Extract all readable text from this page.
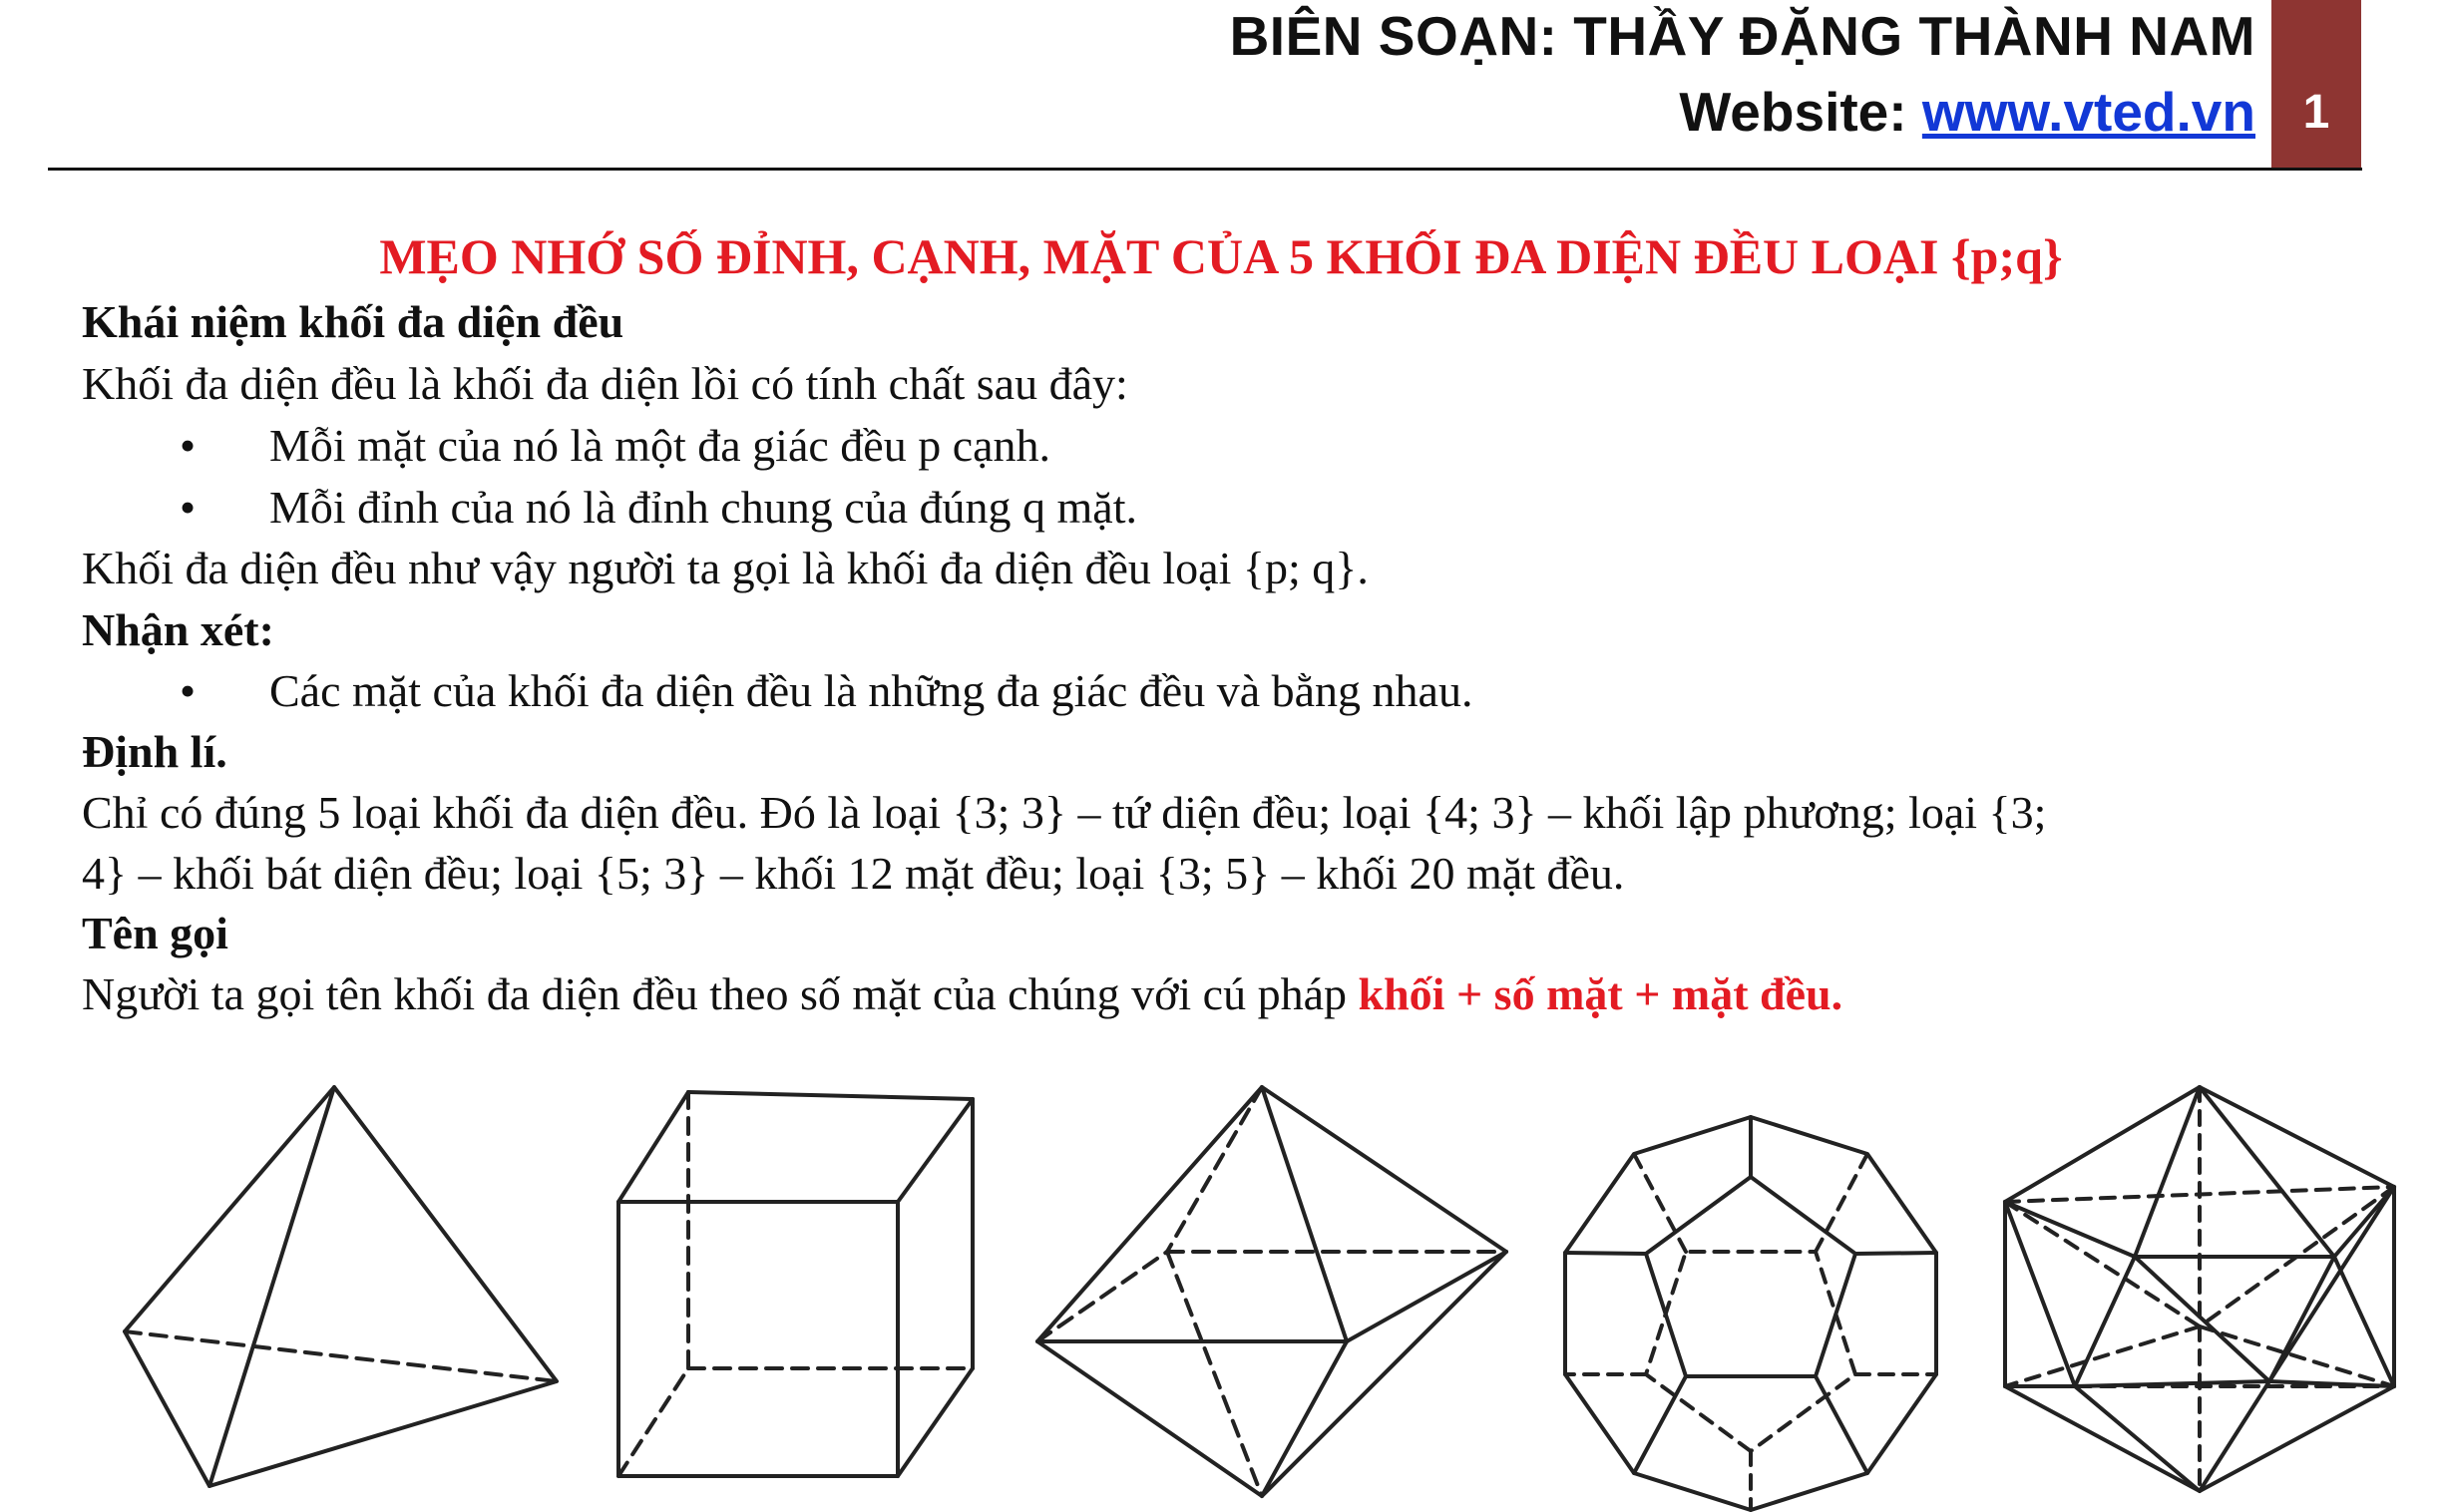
BIÊN SOẠN: THẦY ĐẶNG THÀNH NAM
Website: www.vted.vn 1
MẸO NHỚ SỐ ĐỈNH, CẠNH, MẶT CỦA 5 KHỐI ĐA DIỆN ĐỀU LOẠI {p;q}
Khái niệm khối đa diện đều
Khối đa diện đều là khối đa diện lồi có tính chất sau đây:
• Mỗi mặt của nó là một đa giác đều p cạnh.
• Mỗi đỉnh của nó là đỉnh chung của đúng q mặt.
Khối đa diện đều như vậy người ta gọi là khối đa diện đều loại {p; q}.
Nhận xét:
• Các mặt của khối đa diện đều là những đa giác đều và bằng nhau.
Định lí.
Chỉ có đúng 5 loại khối đa diện đều. Đó là loại {3; 3} – tứ diện đều; loại {4; 3} – khối lập phương; loại {3;
4} – khối bát diện đều; loại {5; 3} – khối 12 mặt đều; loại {3; 5} – khối 20 mặt đều.
Tên gọi
Người ta gọi tên khối đa diện đều theo số mặt của chúng với cú pháp khối + số mặt + mặt đều.
